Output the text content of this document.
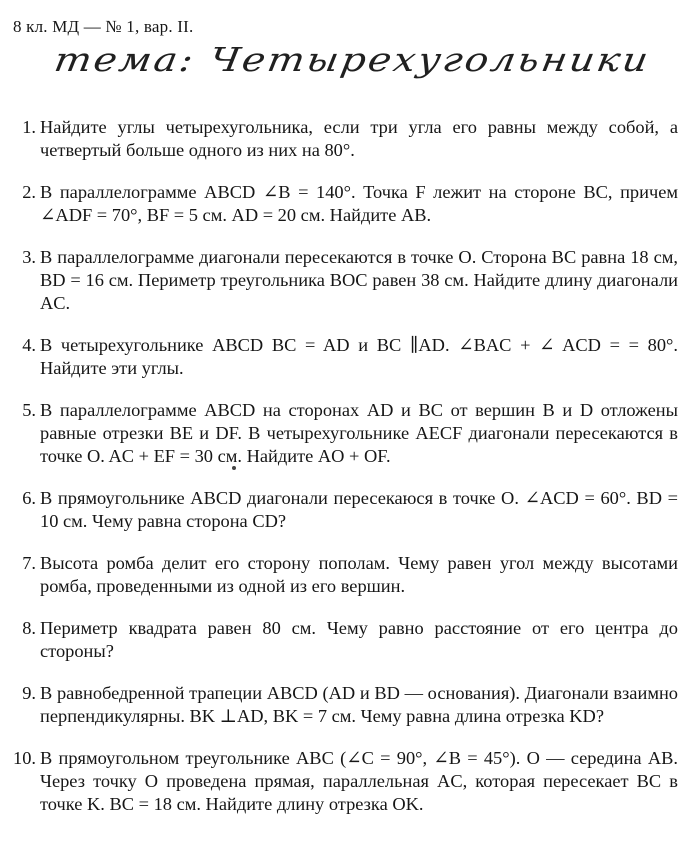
8 кл. МД — № 1, вар. II.
тема: Четырехугольники
1. Найдите углы четырехугольника, если три угла его равны между собой, а четвертый больше одного из них на 80°.
2. В параллелограмме ABCD ∠B = 140°. Точка F лежит на стороне BC, причем ∠ADF = 70°, BF = 5 см. AD = 20 см. Найдите AB.
3. В параллелограмме диагонали пересекаются в точке O. Сторона BC равна 18 см, BD = 16 см. Периметр треугольника BOC равен 38 см. Найдите длину диагонали AC.
4. В четырехугольнике ABCD BC = AD и BC ∥AD. ∠BAC + ∠ ACD = = 80°. Найдите эти углы.
5. В параллелограмме ABCD на сторонах AD и BC от вершин B и D отложены равные отрезки BE и DF. В четырехугольнике AECF диагонали пересекаются в точке O. AC + EF = 30 см. Найдите AO + OF.
6. В прямоугольнике ABCD диагонали пересекаюся в точке O. ∠ACD = 60°. BD = 10 см. Чему равна сторона CD?
7. Высота ромба делит его сторону пополам. Чему равен угол между высотами ромба, проведенными из одной из его вершин.
8. Периметр квадрата равен 80 см. Чему равно расстояние от его центра до стороны?
9. В равнобедренной трапеции ABCD (AD и BD — основания). Диагонали взаимно перпендикулярны. BK ⊥AD, BK = 7 см. Чему равна длина отрезка KD?
10. В прямоугольном треугольнике ABC (∠C = 90°, ∠B = 45°). O — середина AB. Через точку O проведена прямая, параллельная AC, которая пересекает BC в точке K. BC = 18 см. Найдите длину отрезка OK.
